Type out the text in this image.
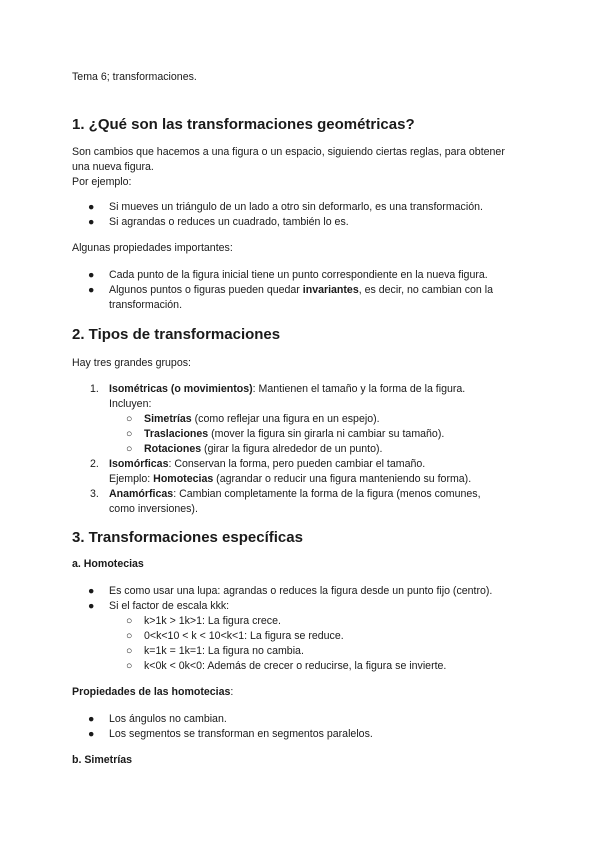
Tema 6; transformaciones.
1. ¿Qué son las transformaciones geométricas?
Son cambios que hacemos a una figura o un espacio, siguiendo ciertas reglas, para obtener
una nueva figura.
Por ejemplo:
● Si mueves un triángulo de un lado a otro sin deformarlo, es una transformación.
● Si agrandas o reduces un cuadrado, también lo es.
Algunas propiedades importantes:
● Cada punto de la figura inicial tiene un punto correspondiente en la nueva figura.
● Algunos puntos o figuras pueden quedar invariantes, es decir, no cambian con la
transformación.
2. Tipos de transformaciones
Hay tres grandes grupos:
1. Isométricas (o movimientos): Mantienen el tamaño y la forma de la figura.
Incluyen:
○ Simetrías (como reflejar una figura en un espejo).
○ Traslaciones (mover la figura sin girarla ni cambiar su tamaño).
○ Rotaciones (girar la figura alrededor de un punto).
2. Isomórficas: Conservan la forma, pero pueden cambiar el tamaño.
Ejemplo: Homotecias (agrandar o reducir una figura manteniendo su forma).
3. Anamórficas: Cambian completamente la forma de la figura (menos comunes,
como inversiones).
3. Transformaciones específicas
a. Homotecias
● Es como usar una lupa: agrandas o reduces la figura desde un punto fijo (centro).
● Si el factor de escala kkk:
○ k>1k > 1k>1: La figura crece.
○ 0<k<10 < k < 10<k<1: La figura se reduce.
○ k=1k = 1k=1: La figura no cambia.
○ k<0k < 0k<0: Además de crecer o reducirse, la figura se invierte.
Propiedades de las homotecias:
● Los ángulos no cambian.
● Los segmentos se transforman en segmentos paralelos.
b. Simetrías
